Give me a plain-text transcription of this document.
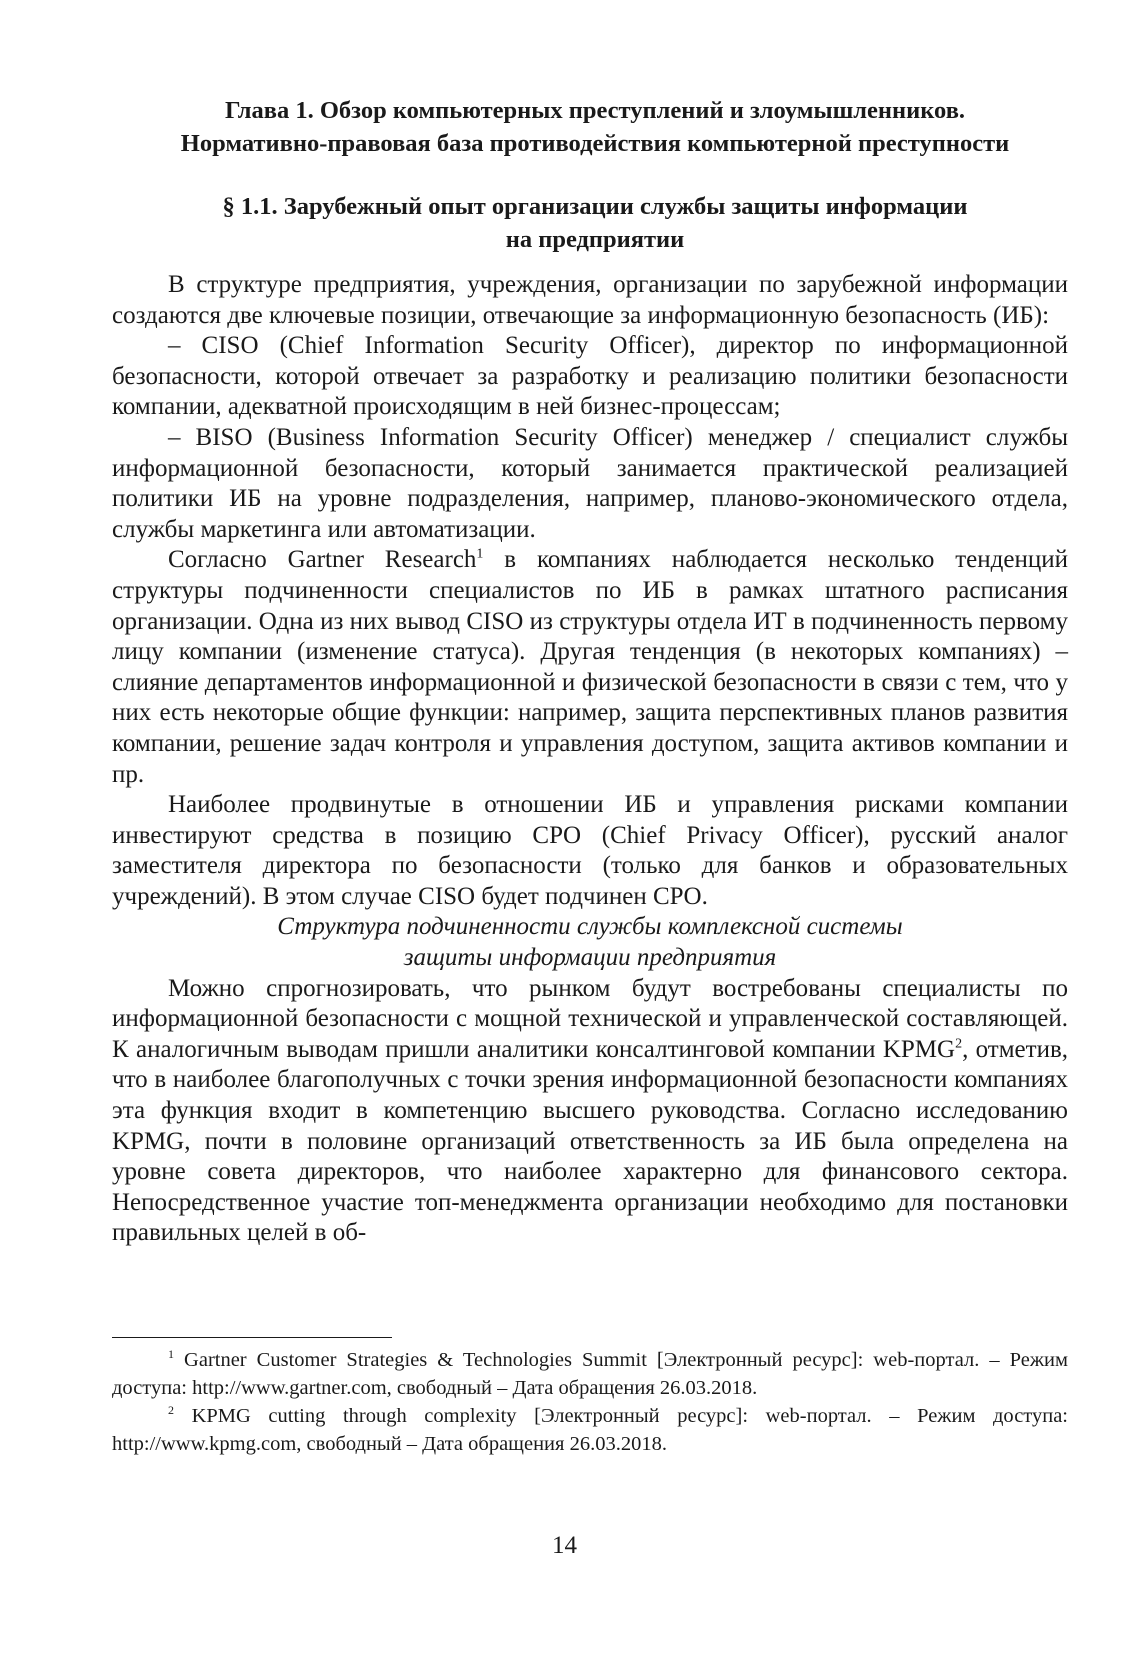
Глава 1. Обзор компьютерных преступлений и злоумышленников.
Нормативно-правовая база противодействия компьютерной преступности
§ 1.1. Зарубежный опыт организации службы защиты информации
на предприятии

В структуре предприятия, учреждения, организации по зарубежной информации создаются две ключевые позиции, отвечающие за информационную безопасность (ИБ):

– CISO (Chief Information Security Officer), директор по информационной безопасности, которой отвечает за разработку и реализацию политики безопасности компании, адекватной происходящим в ней бизнес-процессам;

– BISO (Business Information Security Officer) менеджер / специалист службы информационной безопасности, который занимается практической реализацией политики ИБ на уровне подразделения, например, планово-экономического отдела, службы маркетинга или автоматизации.

Согласно Gartner Research$^1$ в компаниях наблюдается несколько тенденций структуры подчиненности специалистов по ИБ в рамках штатного расписания организации. Одна из них вывод CISO из структуры отдела ИТ в подчиненность первому лицу компании (изменение статуса). Другая тенденция (в некоторых компаниях) – слияние департаментов информационной и физической безопасности в связи с тем, что у них есть некоторые общие функции: например, защита перспективных планов развития компании, решение задач контроля и управления доступом, защита активов компании и пр.

Наиболее продвинутые в отношении ИБ и управления рисками компании инвестируют средства в позицию CPO (Chief Privacy Officer), русский аналог заместителя директора по безопасности (только для банков и образовательных учреждений). В этом случае CISO будет подчинен CPO.

Структура подчиненности службы комплексной системы
защиты информации предприятия

Можно спрогнозировать, что рынком будут востребованы специалисты по информационной безопасности с мощной технической и управленческой составляющей. К аналогичным выводам пришли аналитики консалтинговой компании KPMG$^2$, отметив, что в наиболее благополучных с точки зрения информационной безопасности компаниях эта функция входит в компетенцию высшего руководства. Согласно исследованию KPMG, почти в половине организаций ответственность за ИБ была определена на уровне совета директоров, что наиболее характерно для финансового сектора. Непосредственное участие топ-менеджмента организации необходимо для постановки правильных целей в об-

$^1$ Gartner Customer Strategies & Technologies Summit [Электронный ресурс]: web-портал. – Режим доступа: http://www.gartner.com, свободный – Дата обращения 26.03.2018.

$^2$ KPMG cutting through complexity [Электронный ресурс]: web-портал. – Режим доступа: http://www.kpmg.com, свободный – Дата обращения 26.03.2018.

14
